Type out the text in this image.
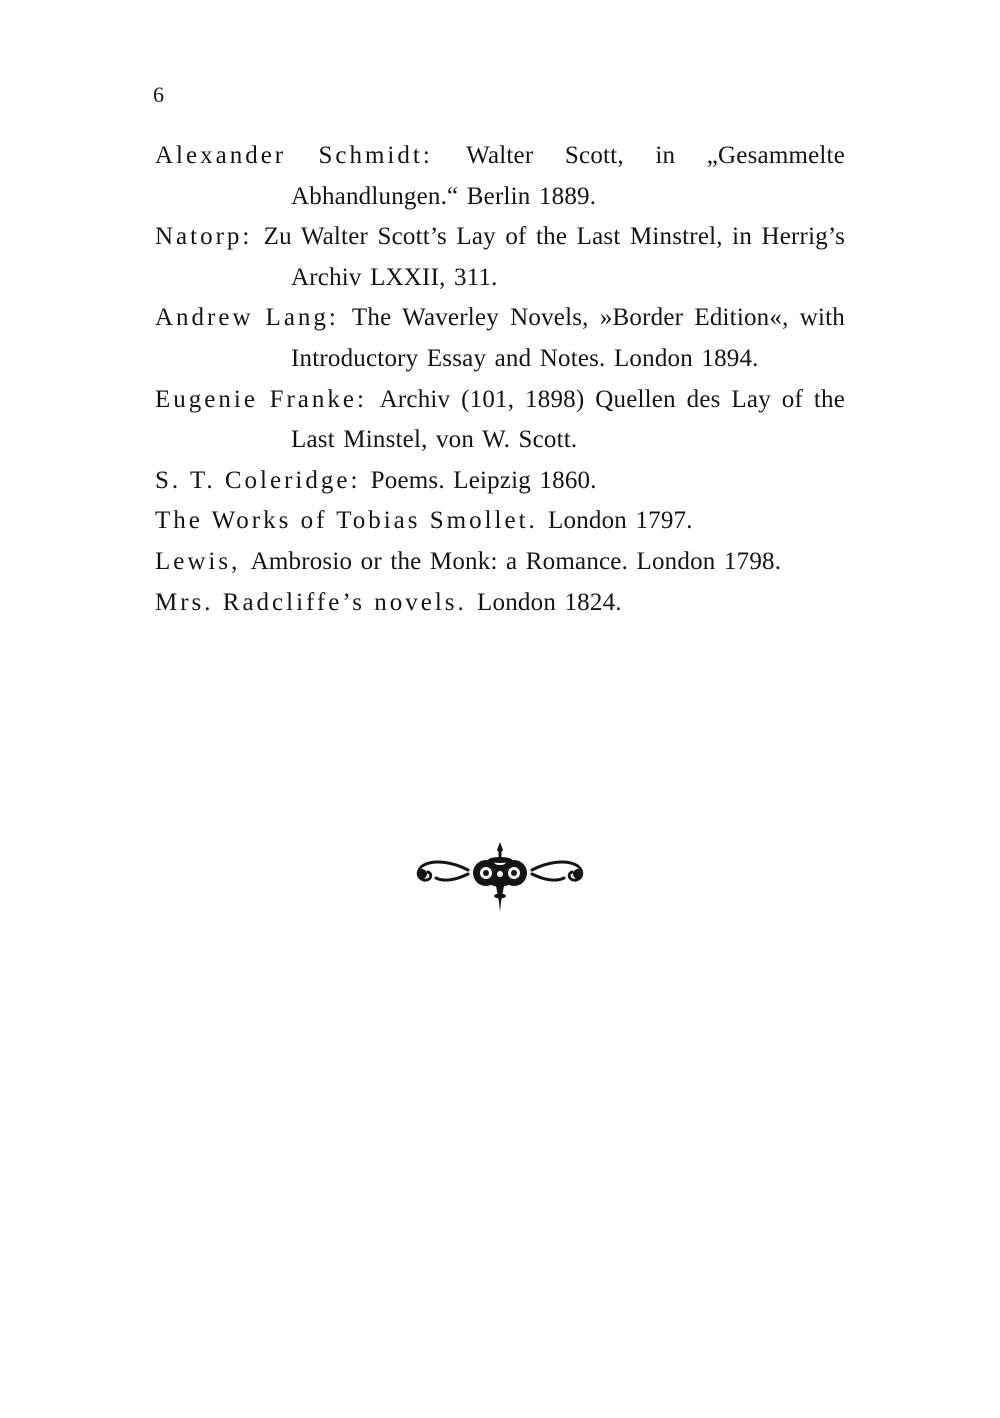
6
Alexander Schmidt: Walter Scott, in „Gesammelte Abhandlungen.“ Berlin 1889.
Natorp: Zu Walter Scott’s Lay of the Last Minstrel, in Herrig’s Archiv LXXII, 311.
Andrew Lang: The Waverley Novels, »Border Edition«, with Introductory Essay and Notes. London 1894.
Eugenie Franke: Archiv (101, 1898) Quellen des Lay of the Last Minstel, von W. Scott.
S. T. Coleridge: Poems. Leipzig 1860.
The Works of Tobias Smollet. London 1797.
Lewis, Ambrosio or the Monk: a Romance. London 1798.
Mrs. Radcliffe’s novels. London 1824.
